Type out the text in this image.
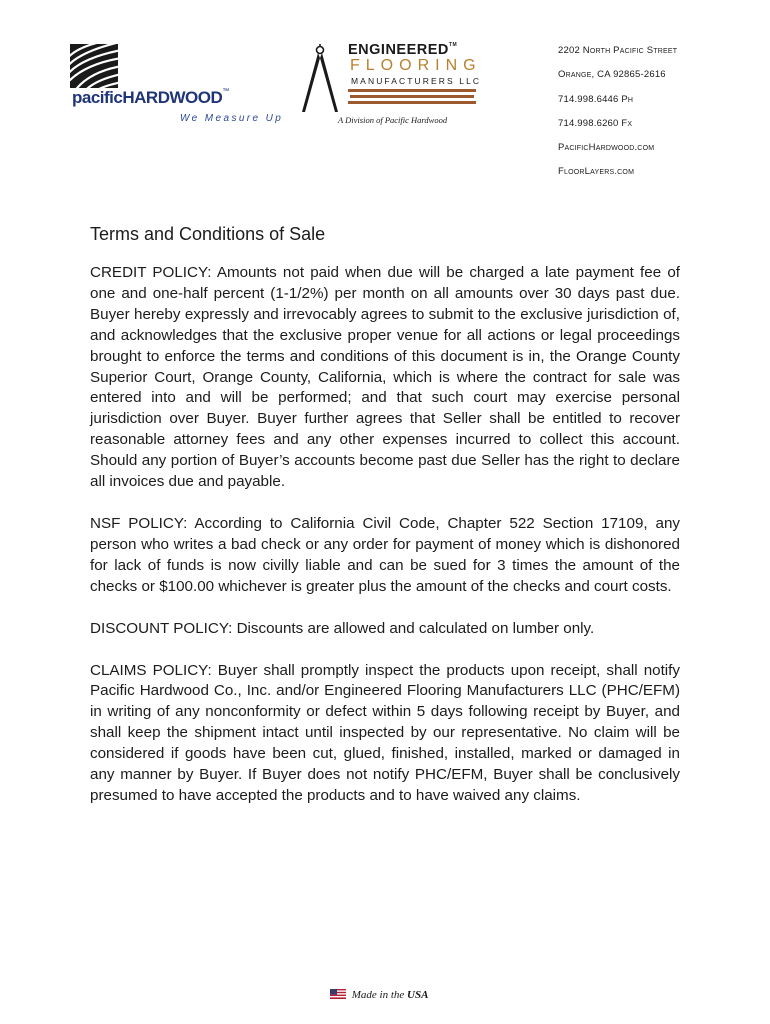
pacificHARDWOOD™
We Measure Up
ENGINEERED™
FLOORING
MANUFACTURERS LLC
A Division of Pacific Hardwood
2202 North Pacific Street
Orange, CA 92865-2616
714.998.6446 Ph
714.998.6260 Fx
PacificHardwood.com
FloorLayers.com
Terms and Conditions of Sale

CREDIT POLICY: Amounts not paid when due will be charged a late payment fee of one and one-half percent (1-1/2%) per month on all amounts over 30 days past due. Buyer hereby expressly and irrevocably agrees to submit to the exclusive jurisdiction of, and acknowledges that the exclusive proper venue for all actions or legal proceedings brought to enforce the terms and conditions of this document is in, the Orange County Superior Court, Orange County, California, which is where the contract for sale was entered into and will be performed; and that such court may exercise personal jurisdiction over Buyer. Buyer further agrees that Seller shall be entitled to recover reasonable attorney fees and any other expenses incurred to collect this account. Should any portion of Buyer’s accounts become past due Seller has the right to declare all invoices due and payable.

NSF POLICY: According to California Civil Code, Chapter 522 Section 17109, any person who writes a bad check or any order for payment of money which is dishonored for lack of funds is now civilly liable and can be sued for 3 times the amount of the checks or $100.00 whichever is greater plus the amount of the checks and court costs.

DISCOUNT POLICY: Discounts are allowed and calculated on lumber only.

CLAIMS POLICY: Buyer shall promptly inspect the products upon receipt, shall notify Pacific Hardwood Co., Inc. and/or Engineered Flooring Manufacturers LLC (PHC/EFM) in writing of any nonconformity or defect within 5 days following receipt by Buyer, and shall keep the shipment intact until inspected by our representative. No claim will be considered if goods have been cut, glued, finished, installed, marked or damaged in any manner by Buyer. If Buyer does not notify PHC/EFM, Buyer shall be conclusively presumed to have accepted the products and to have waived any claims.

Made in the USA
